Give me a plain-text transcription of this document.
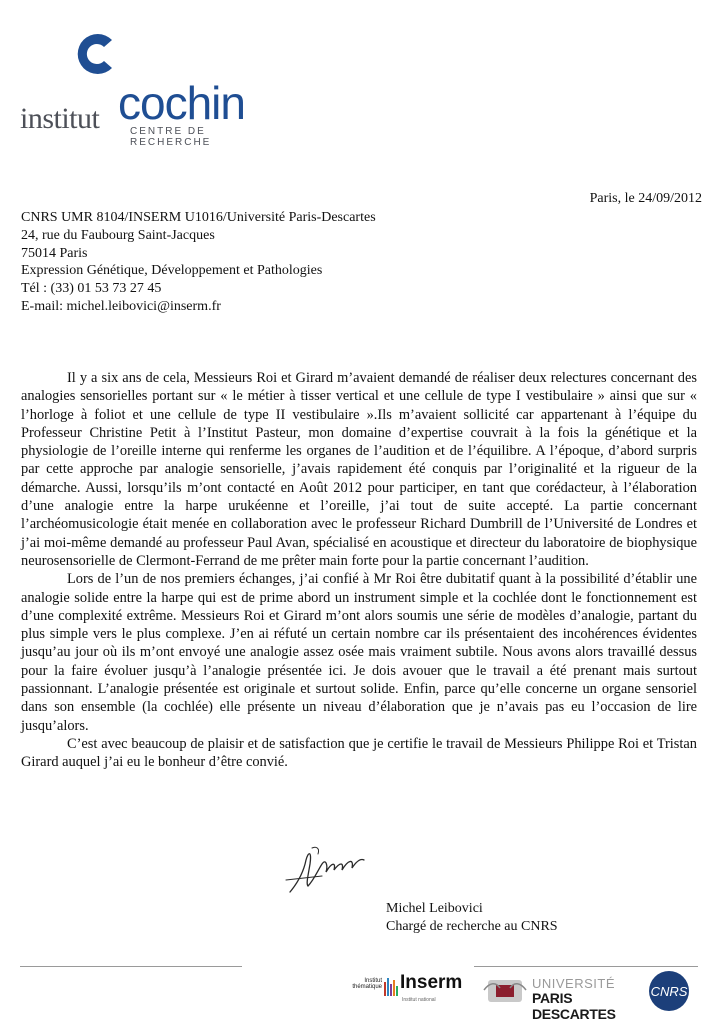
institut cochin
CENTRE DE RECHERCHE
Paris, le 24/09/2012
CNRS UMR 8104/INSERM U1016/Université Paris-Descartes
24, rue du Faubourg Saint-Jacques
75014 Paris
Expression Génétique, Développement et Pathologies
Tél : (33) 01 53 73 27 45
E-mail: michel.leibovici@inserm.fr

Il y a six ans de cela, Messieurs Roi et Girard m’avaient demandé de réaliser deux relectures concernant des analogies sensorielles portant sur « le métier à tisser vertical et une cellule de type I vestibulaire » ainsi que sur « l’horloge à foliot et une cellule de type II vestibulaire ».Ils m’avaient sollicité car appartenant à l’équipe du Professeur Christine Petit à l’Institut Pasteur, mon domaine d’expertise couvrait à la fois la génétique et la physiologie de l’oreille interne qui renferme les organes de l’audition et de l’équilibre. A l’époque, d’abord surpris par cette approche par analogie sensorielle, j’avais rapidement été conquis par l’originalité et la rigueur de la démarche. Aussi, lorsqu’ils m’ont contacté en Août 2012 pour participer, en tant que corédacteur, à l’élaboration d’une analogie entre la harpe urukéenne et l’oreille, j’ai tout de suite accepté. La partie concernant l’archéomusicologie était menée en collaboration avec le professeur Richard Dumbrill de l’Université de Londres et j’ai moi-même demandé au professeur Paul Avan, spécialisé en acoustique et directeur du laboratoire de biophysique neurosensorielle de Clermont-Ferrand de me prêter main forte pour la partie concernant l’audition.

Lors de l’un de nos premiers échanges, j’ai confié à Mr Roi être dubitatif quant à la possibilité d’établir une analogie solide entre la harpe qui est de prime abord un instrument simple et la cochlée dont le fonctionnement est d’une complexité extrême. Messieurs Roi et Girard m’ont alors soumis une série de modèles d’analogie, partant du plus simple vers le plus complexe. J’en ai réfuté un certain nombre car ils présentaient des incohérences évidentes jusqu’au jour où ils m’ont envoyé une analogie assez osée mais vraiment subtile. Nous avons alors travaillé dessus pour la faire évoluer jusqu’à l’analogie présentée ici. Je dois avouer que le travail a été prenant mais surtout passionnant. L’analogie présentée est originale et surtout solide. Enfin, parce qu’elle concerne un organe sensoriel dans son ensemble (la cochlée) elle présente un niveau d’élaboration que je n’avais pas eu l’occasion de lire jusqu’alors.

C’est avec beaucoup de plaisir et de satisfaction que je certifie le travail de Messieurs Philippe Roi et Tristan Girard auquel j’ai eu le bonheur d’être convié.

Michel Leibovici
Chargé de recherche au CNRS
Institut thématique Inserm
Institut national
UNIVERSITÉ
PARIS DESCARTES
CNRS
